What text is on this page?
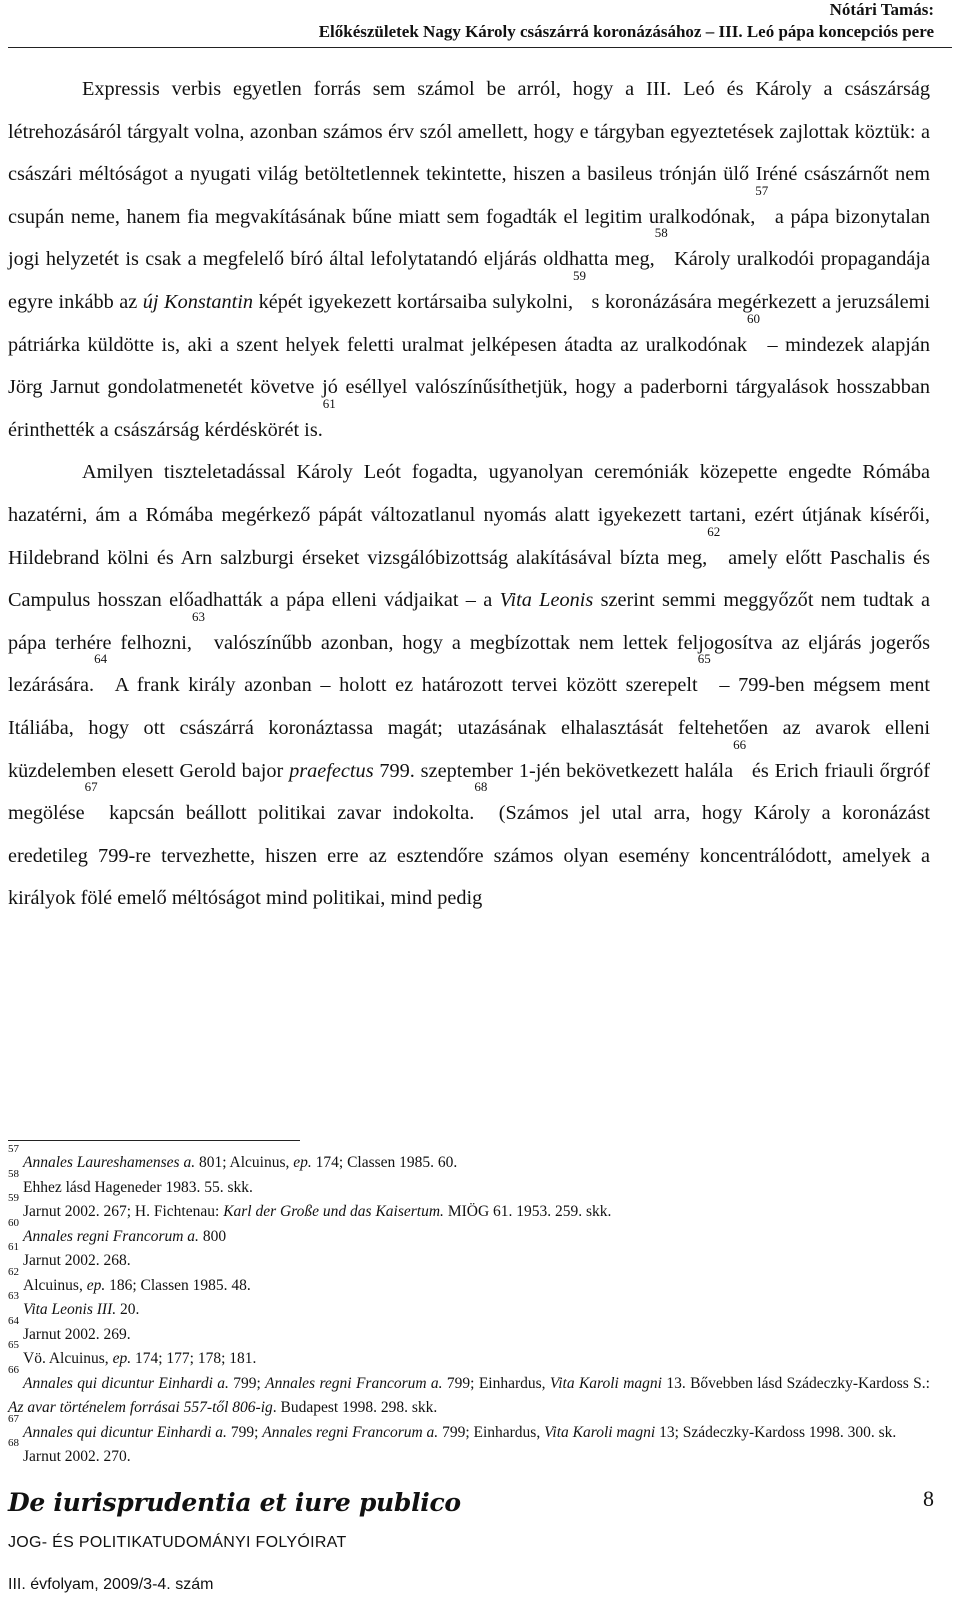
Nótári Tamás:
Előkészületek Nagy Károly császárrá koronázásához – III. Leó pápa koncepciós pere

Expressis verbis egyetlen forrás sem számol be arról, hogy a III. Leó és Károly a császárság létrehozásáról tárgyalt volna, azonban számos érv szól amellett, hogy e tárgyban egyeztetések zajlottak köztük: a császári méltóságot a nyugati világ betöltetlennek tekintette, hiszen a basileus trónján ülő Iréné császárnőt nem csupán neme, hanem fia megvakításának bűne miatt sem fogadták el legitim uralkodónak,$^{57}$ a pápa bizonytalan jogi helyzetét is csak a megfelelő bíró által lefolytatandó eljárás oldhatta meg,$^{58}$ Károly uralkodói propagandája egyre inkább az új Konstantin képét igyekezett kortársaiba sulykolni,$^{59}$ s koronázására megérkezett a jeruzsálemi pátriárka küldötte is, aki a szent helyek feletti uralmat jelképesen átadta az uralkodónak$^{60}$ – mindezek alapján Jörg Jarnut gondolatmenetét követve jó eséllyel valószínűsíthetjük, hogy a paderborni tárgyalások hosszabban érinthették a császárság kérdéskörét is.$^{61}$

Amilyen tiszteletadással Károly Leót fogadta, ugyanolyan ceremóniák közepette engedte Rómába hazatérni, ám a Rómába megérkező pápát változatlanul nyomás alatt igyekezett tartani, ezért útjának kísérői, Hildebrand kölni és Arn salzburgi érseket vizsgálóbizottság alakításával bízta meg,$^{62}$ amely előtt Paschalis és Campulus hosszan előadhatták a pápa elleni vádjaikat – a Vita Leonis szerint semmi meggyőzőt nem tudtak a pápa terhére felhozni,$^{63}$ valószínűbb azonban, hogy a megbízottak nem lettek feljogosítva az eljárás jogerős lezárására.$^{64}$ A frank király azonban – holott ez határozott tervei között szerepelt$^{65}$ – 799-ben mégsem ment Itáliába, hogy ott császárrá koronáztassa magát; utazásának elhalasztását feltehetően az avarok elleni küzdelemben elesett Gerold bajor praefectus 799. szeptember 1-jén bekövetkezett halála$^{66}$ és Erich friauli őrgróf megölése$^{67}$ kapcsán beállott politikai zavar indokolta.$^{68}$ (Számos jel utal arra, hogy Károly a koronázást eredetileg 799-re tervezhette, hiszen erre az esztendőre számos olyan esemény koncentrálódott, amelyek a királyok fölé emelő méltóságot mind politikai, mind pedig

$^{57}$Annales Laureshamenses a. 801; Alcuinus, ep. 174; Classen 1985. 60.

$^{58}$Ehhez lásd Hageneder 1983. 55. skk.

$^{59}$Jarnut 2002. 267; H. Fichtenau: Karl der Große und das Kaisertum. MIÖG 61. 1953. 259. skk.

$^{60}$Annales regni Francorum a. 800

$^{61}$Jarnut 2002. 268.

$^{62}$Alcuinus, ep. 186; Classen 1985. 48.

$^{63}$Vita Leonis III. 20.

$^{64}$Jarnut 2002. 269.

$^{65}$Vö. Alcuinus, ep. 174; 177; 178; 181.

$^{66}$Annales qui dicuntur Einhardi a. 799; Annales regni Francorum a. 799; Einhardus, Vita Karoli magni 13. Bővebben lásd Szádeczky-Kardoss S.: Az avar történelem forrásai 557-től 806-ig. Budapest 1998. 298. skk.

$^{67}$Annales qui dicuntur Einhardi a. 799; Annales regni Francorum a. 799; Einhardus, Vita Karoli magni 13; Szádeczky-Kardoss 1998. 300. sk.

$^{68}$Jarnut 2002. 270.

De iurisprudentia et iure publico	8
JOG- ÉS POLITIKATUDOMÁNYI FOLYÓIRAT
III. évfolyam, 2009/3-4. szám
